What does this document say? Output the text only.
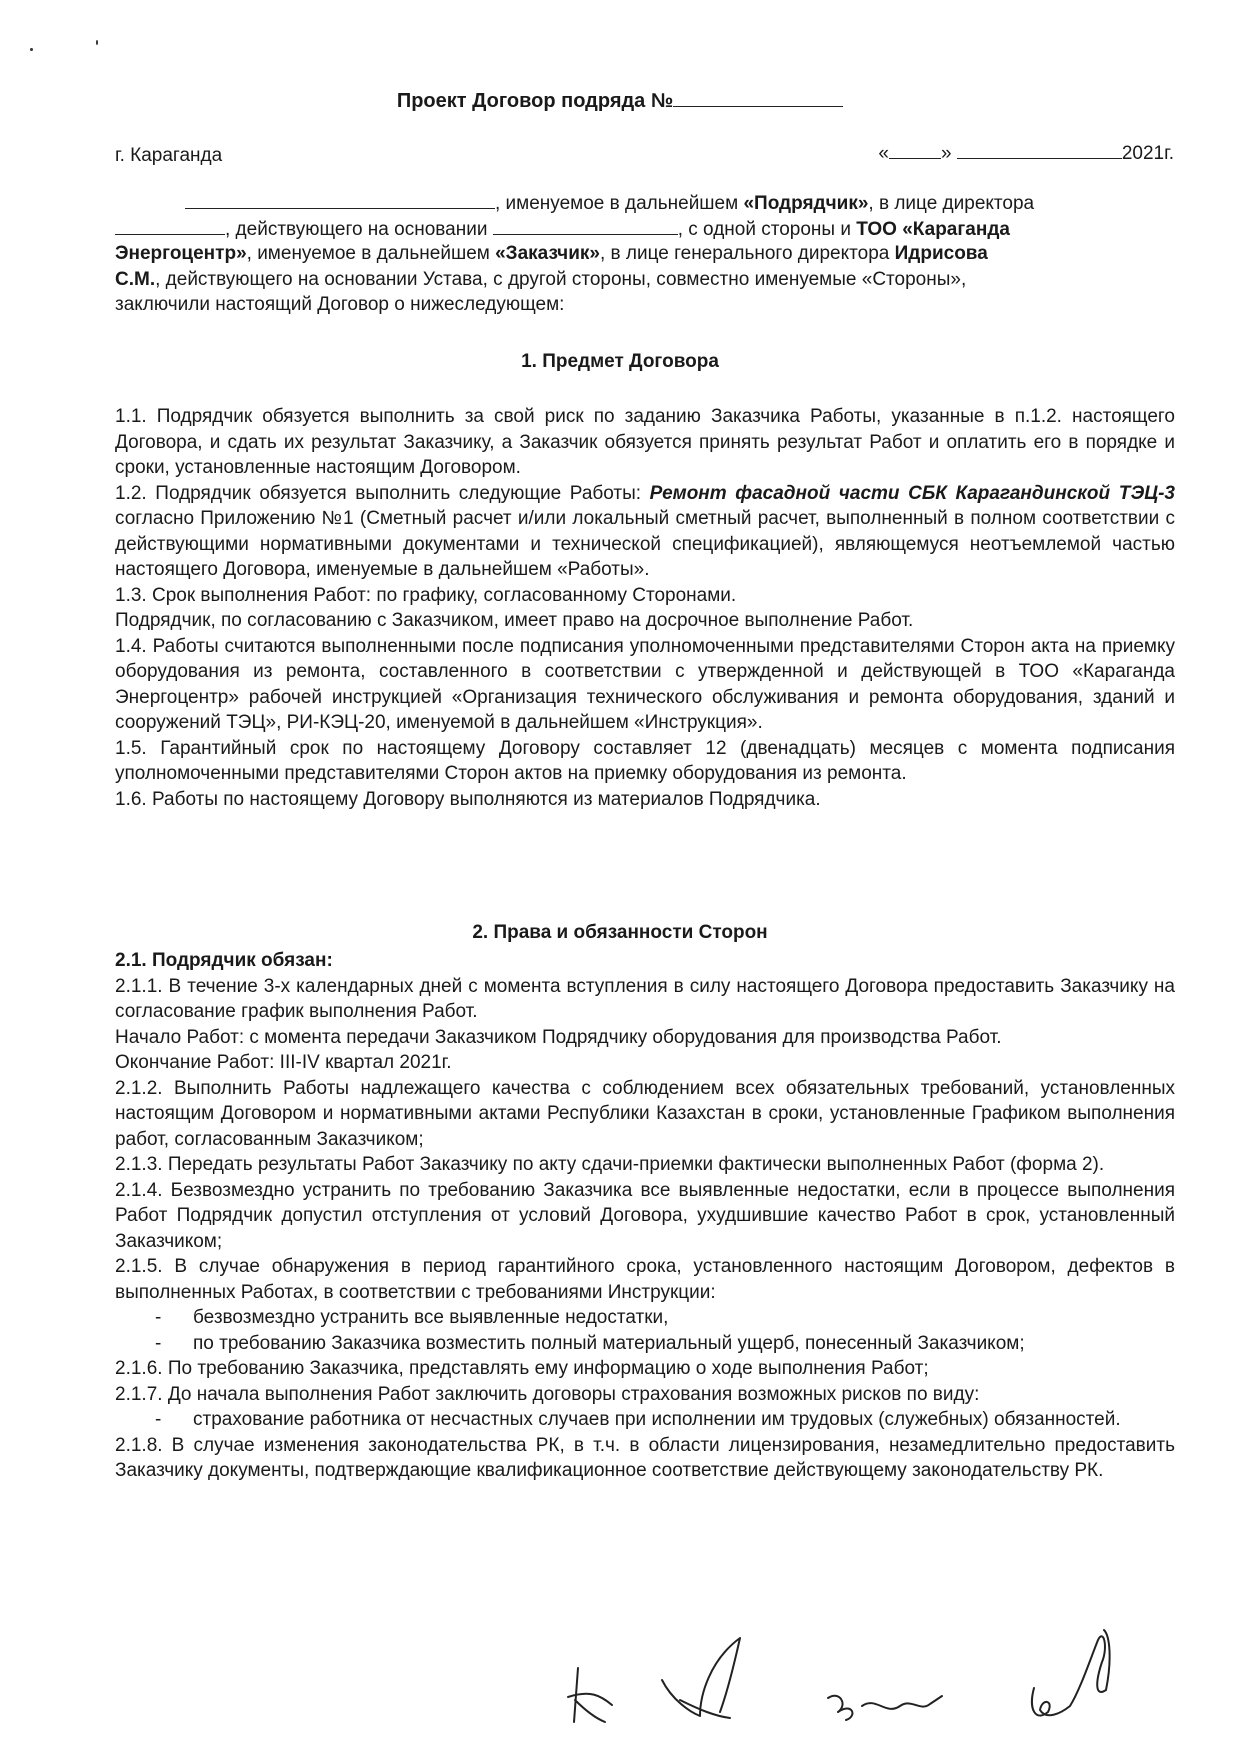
Проект Договор подряда №
г. Караганда	«	»	2021г.
, именуемое в дальнейшем «Подрядчик», в лице директора
, действующего на основании	, с одной стороны и ТОО «Караганда
Энергоцентр», именуемое в дальнейшем «Заказчик», в лице генерального директора Идрисова
С.М., действующего на основании Устава, с другой стороны, совместно именуемые «Стороны»,
заключили настоящий Договор о нижеследующем:
1. Предмет Договора
1.1. Подрядчик обязуется выполнить за свой риск по заданию Заказчика Работы, указанные в п.1.2. настоящего Договора, и сдать их результат Заказчику, а Заказчик обязуется принять результат Работ и оплатить его в порядке и сроки, установленные настоящим Договором.
1.2. Подрядчик обязуется выполнить следующие Работы: Ремонт фасадной части СБК Карагандинской ТЭЦ-3 согласно Приложению №1 (Сметный расчет и/или локальный сметный расчет, выполненный в полном соответствии с действующими нормативными документами и технической спецификацией), являющемуся неотъемлемой частью настоящего Договора, именуемые в дальнейшем «Работы».
1.3. Срок выполнения Работ: по графику, согласованному Сторонами.
Подрядчик, по согласованию с Заказчиком, имеет право на досрочное выполнение Работ.
1.4. Работы считаются выполненными после подписания уполномоченными представителями Сторон акта на приемку оборудования из ремонта, составленного в соответствии с утвержденной и действующей в ТОО «Караганда Энергоцентр» рабочей инструкцией «Организация технического обслуживания и ремонта оборудования, зданий и сооружений ТЭЦ», РИ-КЭЦ-20, именуемой в дальнейшем «Инструкция».
1.5. Гарантийный срок по настоящему Договору составляет 12 (двенадцать) месяцев с момента подписания уполномоченными представителями Сторон актов на приемку оборудования из ремонта.
1.6. Работы по настоящему Договору выполняются из материалов Подрядчика.
2. Права и обязанности Сторон
2.1. Подрядчик обязан:
2.1.1. В течение 3-х календарных дней с момента вступления в силу настоящего Договора предоставить Заказчику на согласование график выполнения Работ.
Начало Работ: с момента передачи Заказчиком Подрядчику оборудования для производства Работ.
Окончание Работ: III-IV квартал 2021г.
2.1.2. Выполнить Работы надлежащего качества с соблюдением всех обязательных требований, установленных настоящим Договором и нормативными актами Республики Казахстан в сроки, установленные Графиком выполнения работ, согласованным Заказчиком;
2.1.3. Передать результаты Работ Заказчику по акту сдачи-приемки фактически выполненных Работ (форма 2).
2.1.4. Безвозмездно устранить по требованию Заказчика все выявленные недостатки, если в процессе выполнения Работ Подрядчик допустил отступления от условий Договора, ухудшившие качество Работ в срок, установленный Заказчиком;
2.1.5. В случае обнаружения в период гарантийного срока, установленного настоящим Договором, дефектов в выполненных Работах, в соответствии с требованиями Инструкции:
-	безвозмездно устранить все выявленные недостатки,
-	по требованию Заказчика возместить полный материальный ущерб, понесенный Заказчиком;
2.1.6. По требованию Заказчика, представлять ему информацию о ходе выполнения Работ;
2.1.7. До начала выполнения Работ заключить договоры страхования возможных рисков по виду:
-	страхование работника от несчастных случаев при исполнении им трудовых (служебных) обязанностей.
2.1.8. В случае изменения законодательства РК, в т.ч. в области лицензирования, незамедлительно предоставить Заказчику документы, подтверждающие квалификационное соответствие действующему законодательству РК.
